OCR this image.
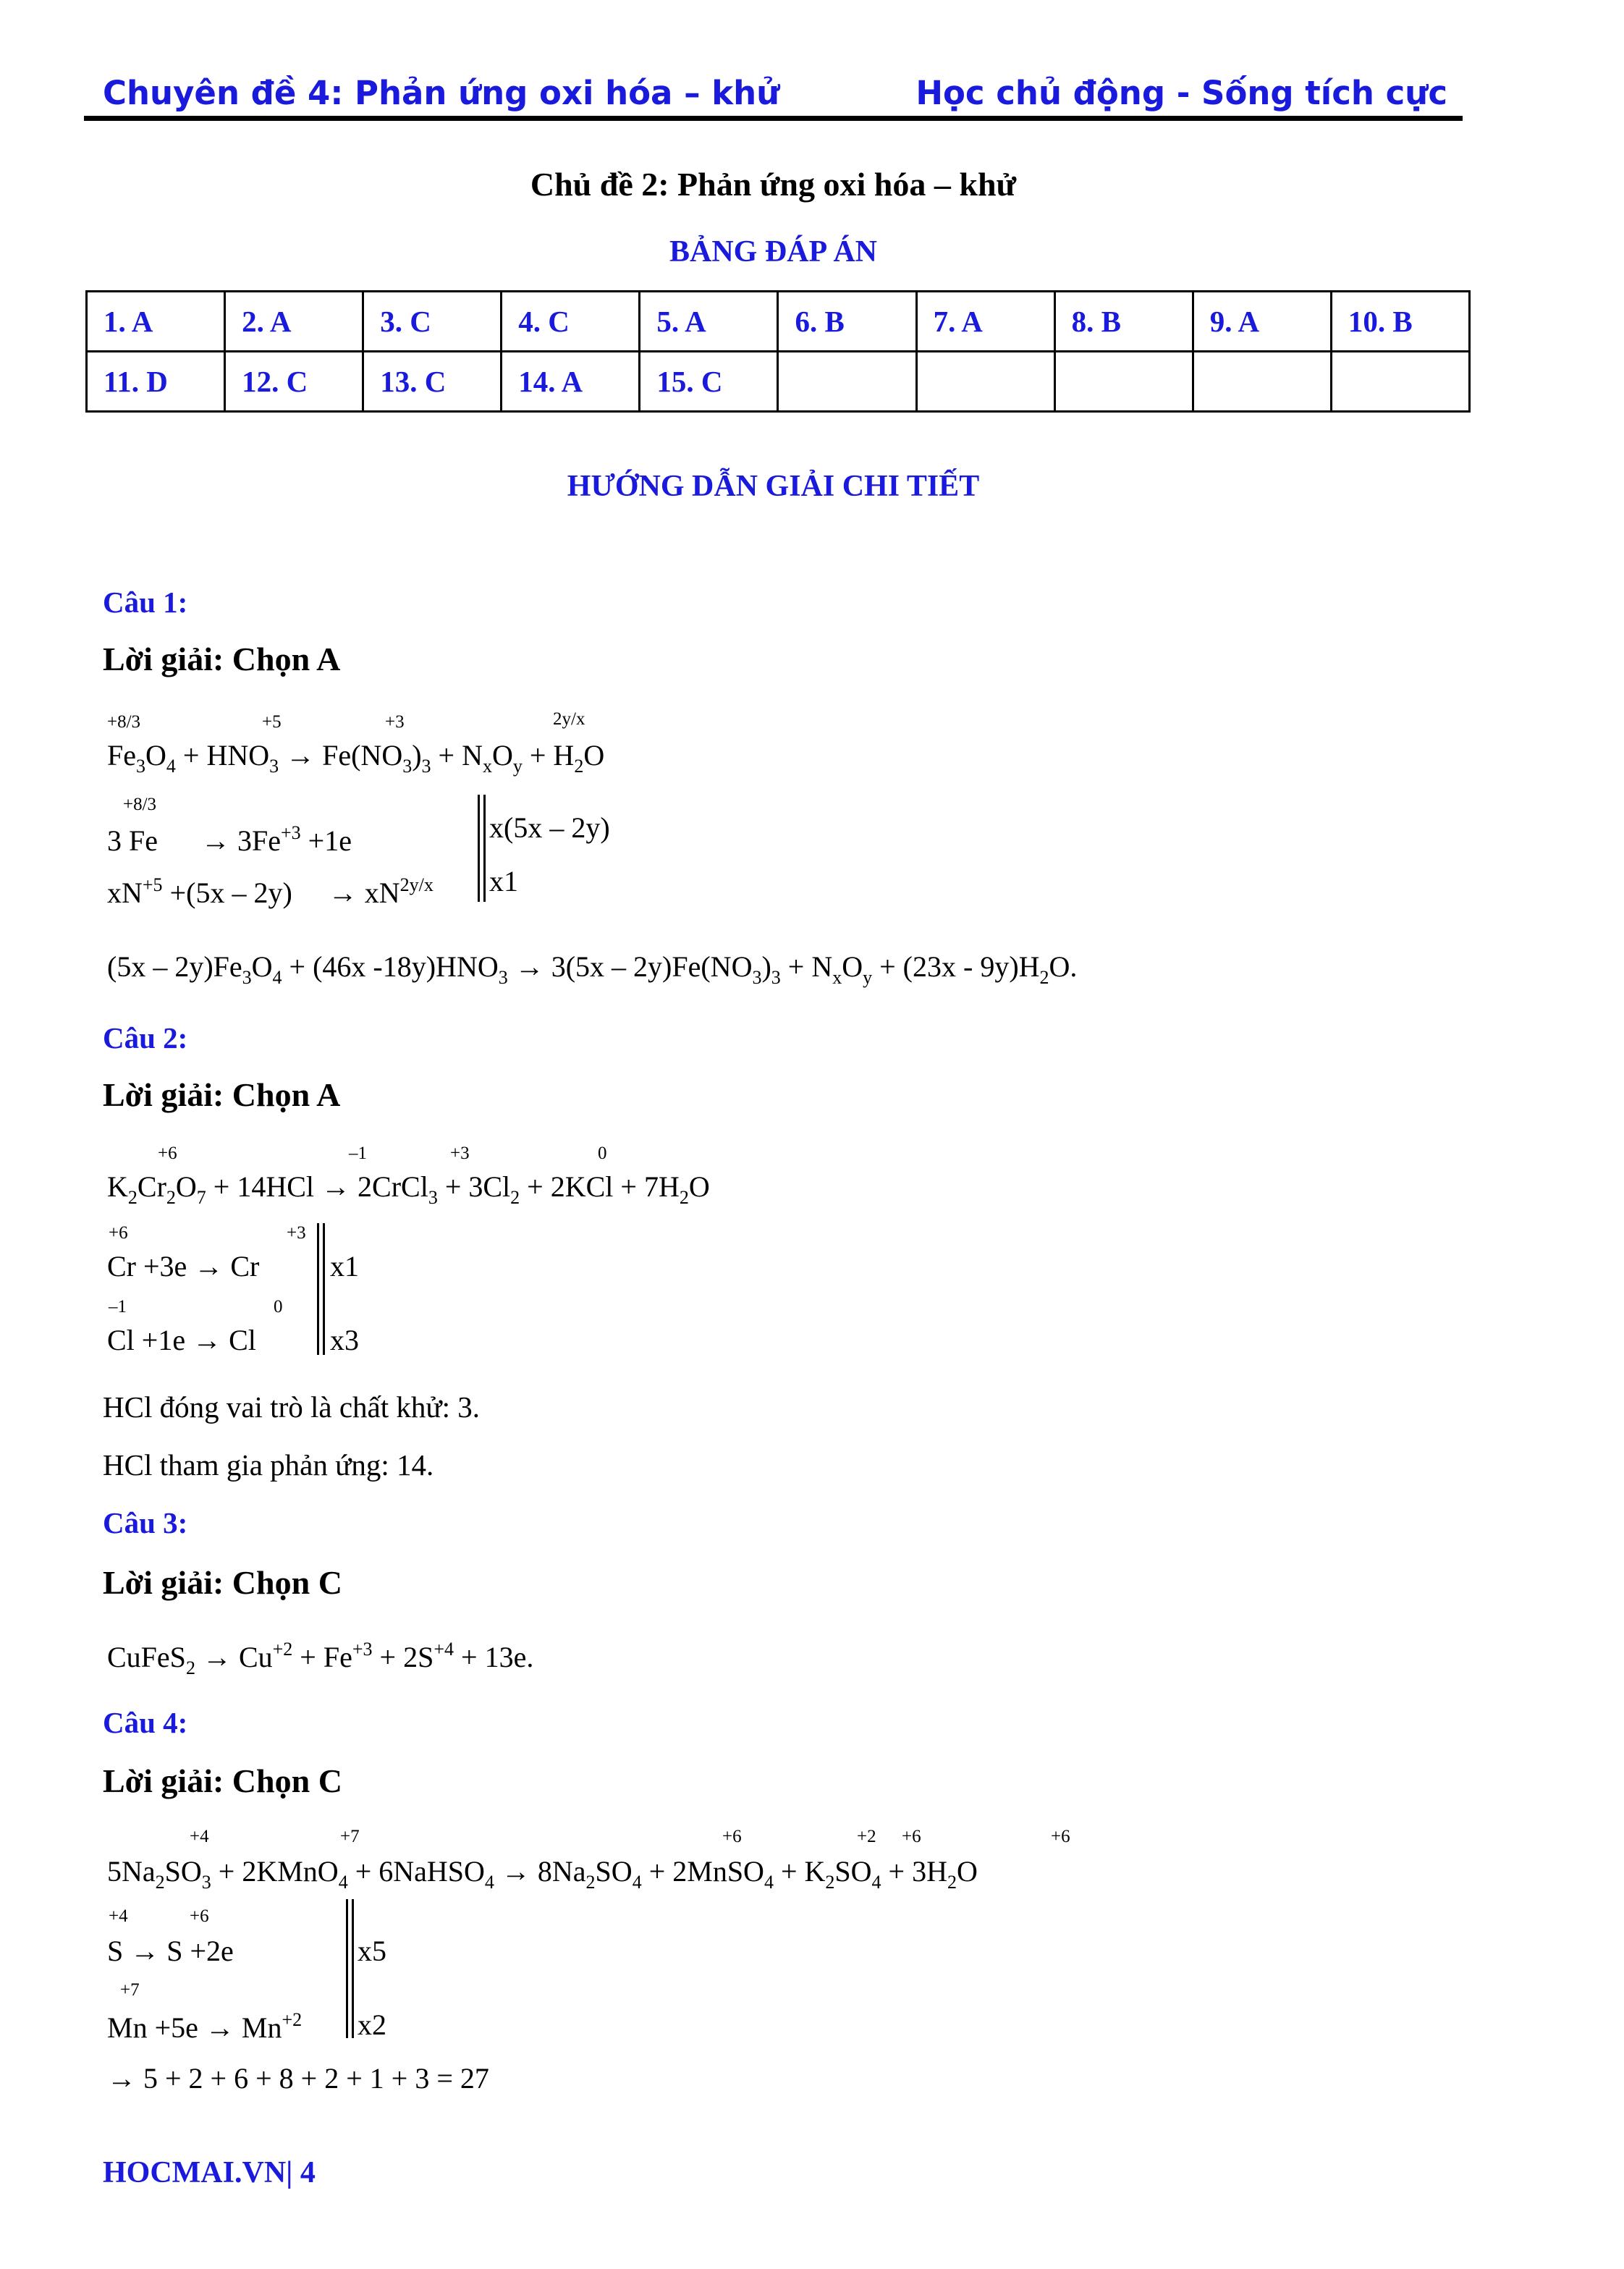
Chuyên đề 4: Phản ứng oxi hóa – khử	Học chủ động - Sống tích cực
Chủ đề 2: Phản ứng oxi hóa – khử
BẢNG ĐÁP ÁN
1. A	2. A	3. C	4. C	5. A	6. B	7. A	8. B	9. A	10. B
11. D	12. C	13. C	14. A	15. C					
HƯỚNG DẪN GIẢI CHI TIẾT
Câu 1:
Lời giải: Chọn A
+8/3	+5	+3	2y/x
$Fe_3O_4 + HNO_3 \to Fe(NO_3)_3 + N_xO_y + H_2O$
+8/3
3 $Fe \to 3Fe^{+3} +1e$
$xN^{+5} +(5x - 2y) \to xN^{2y/x}$
x(5x – 2y)
x1
$(5x - 2y)Fe_3O_4 + (46x$ $-18y)HNO_3 \to 3(5x - 2y)Fe(NO_3)_3 + N_xO_y + (23x - 9y)H_2O$.
Câu 2:
Lời giải: Chọn A
+6	–1	+3	0
$K_2Cr_2O_7 + 14HCl$ → 2CrCl$_3$ + $3Cl_2 + 2KCl + 7H_2O$
+6	+3
Cr +3e → Cr
–1	0
Cl +1e → Cl
x1
x3
HCl đóng vai trò là chất khử: 3.
HCl tham gia phản ứng: 14.
Câu 3:
Lời giải: Chọn C
CuFeS$_2$ → $Cu^{+2} + Fe^{+3} + 2S^{+4} + 13e$.
Câu 4:
Lời giải: Chọn C
+4	+7	+6	+2 +6	+6
$5Na_2SO_3$ + 2KMnO$_4$ + 6NaHSO$_4$ → $8Na_2SO_4$ + 2MnSO$_4$ + $K_2SO_4 + 3H_2O$
+4	+6
S → S +2e
+7
$Mn +5e \to Mn^{+2}$
x5
x2
→ 5 + 2 + 6 + 8 + 2 + 1 + 3 = 27
HOCMAI.VN| 4
